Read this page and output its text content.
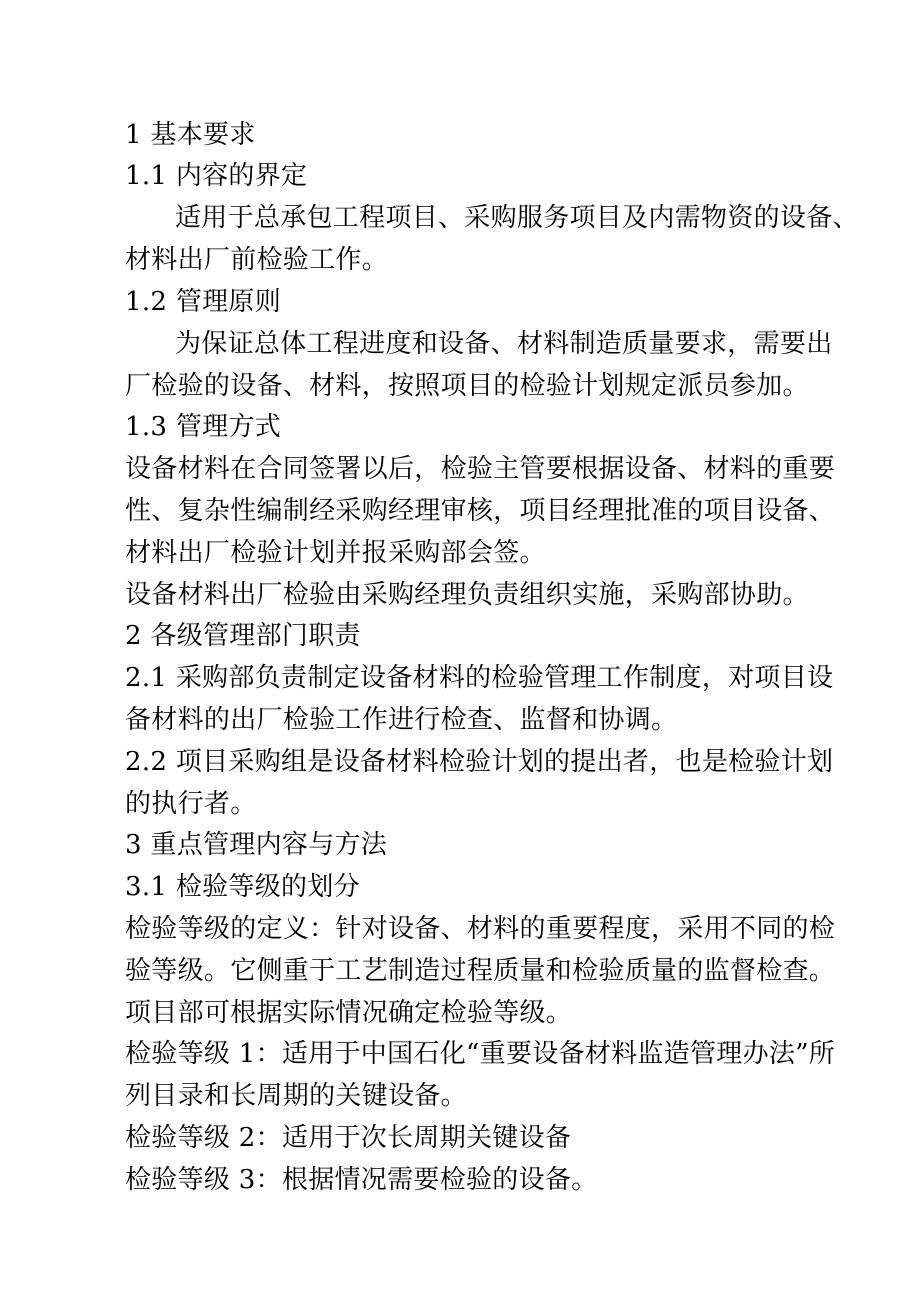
1 基本要求
1.1 内容的界定
适用于总承包工程项目、采购服务项目及内需物资的设备、
材料出厂前检验工作。
1.2 管理原则
为保证总体工程进度和设备、材料制造质量要求，需要出
厂检验的设备、材料，按照项目的检验计划规定派员参加。
1.3 管理方式
设备材料在合同签署以后，检验主管要根据设备、材料的重要
性、复杂性编制经采购经理审核，项目经理批准的项目设备、
材料出厂检验计划并报采购部会签。
设备材料出厂检验由采购经理负责组织实施，采购部协助。
2 各级管理部门职责
2.1 采购部负责制定设备材料的检验管理工作制度，对项目设
备材料的出厂检验工作进行检查、监督和协调。
2.2 项目采购组是设备材料检验计划的提出者，也是检验计划
的执行者。
3 重点管理内容与方法
3.1 检验等级的划分
检验等级的定义：针对设备、材料的重要程度，采用不同的检
验等级。它侧重于工艺制造过程质量和检验质量的监督检查。
项目部可根据实际情况确定检验等级。
检验等级 1：适用于中国石化“重要设备材料监造管理办法”所
列目录和长周期的关键设备。
检验等级 2：适用于次长周期关键设备
检验等级 3：根据情况需要检验的设备。
